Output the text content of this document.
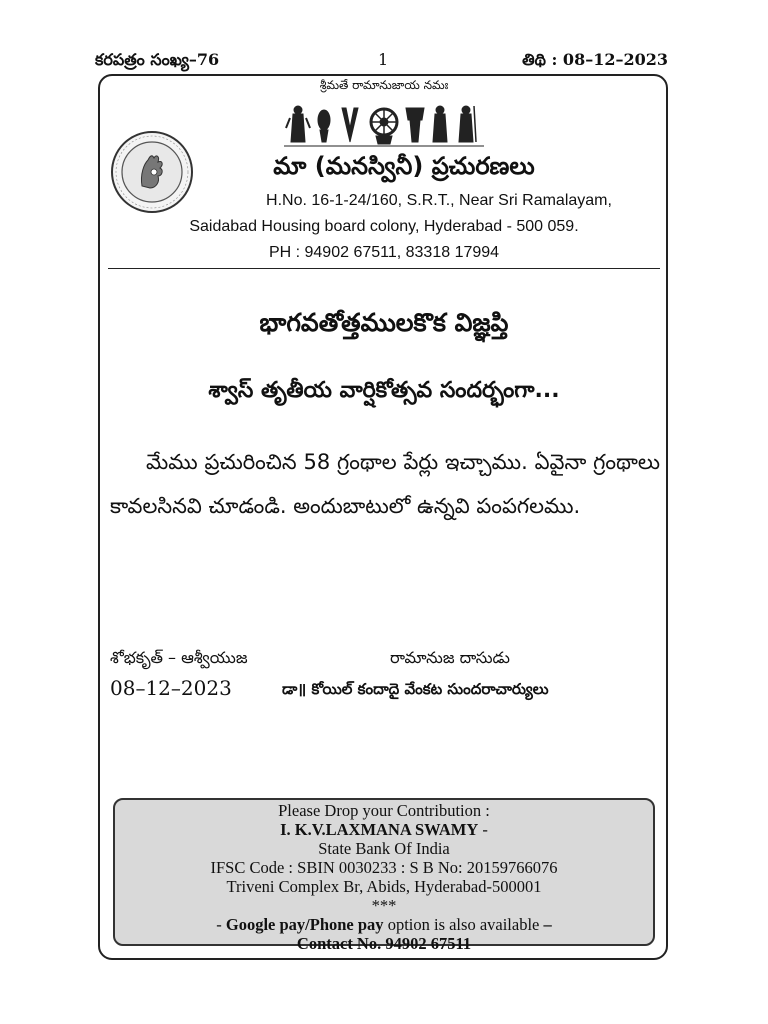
కరపత్రం సంఖ్య–76	1	తిథి : 08–12–2023
శ్రీమతే రామానుజాయ నమః
మా (మనస్వినీ) ప్రచురణలు
H.No. 16-1-24/160, S.R.T., Near Sri Ramalayam,
Saidabad Housing board colony, Hyderabad - 500 059.
PH : 94902 67511, 83318 17994
భాగవతోత్తములకొక విజ్ఞప్తి
శ్వాస్ తృతీయ వార్షికోత్సవ సందర్భంగా...
మేము ప్రచురించిన 58 గ్రంథాల పేర్లు ఇచ్చాము. ఏవైనా గ్రంథాలు కావలసినవి చూడండి. అందుబాటులో ఉన్నవి పంపగలము.
శోభకృత్ – ఆశ్వీయుజ	రామానుజ దాసుడు
08–12–2023	డా॥ కోయిల్ కందాదై వేంకట సుందరాచార్యులు
Please Drop your Contribution :
I. K.V.LAXMANA SWAMY -
State Bank Of India
IFSC Code : SBIN 0030233 : S B No: 20159766076
Triveni Complex Br, Abids, Hyderabad-500001
***
- Google pay/Phone pay option is also available –
Contact No. 94902 67511
